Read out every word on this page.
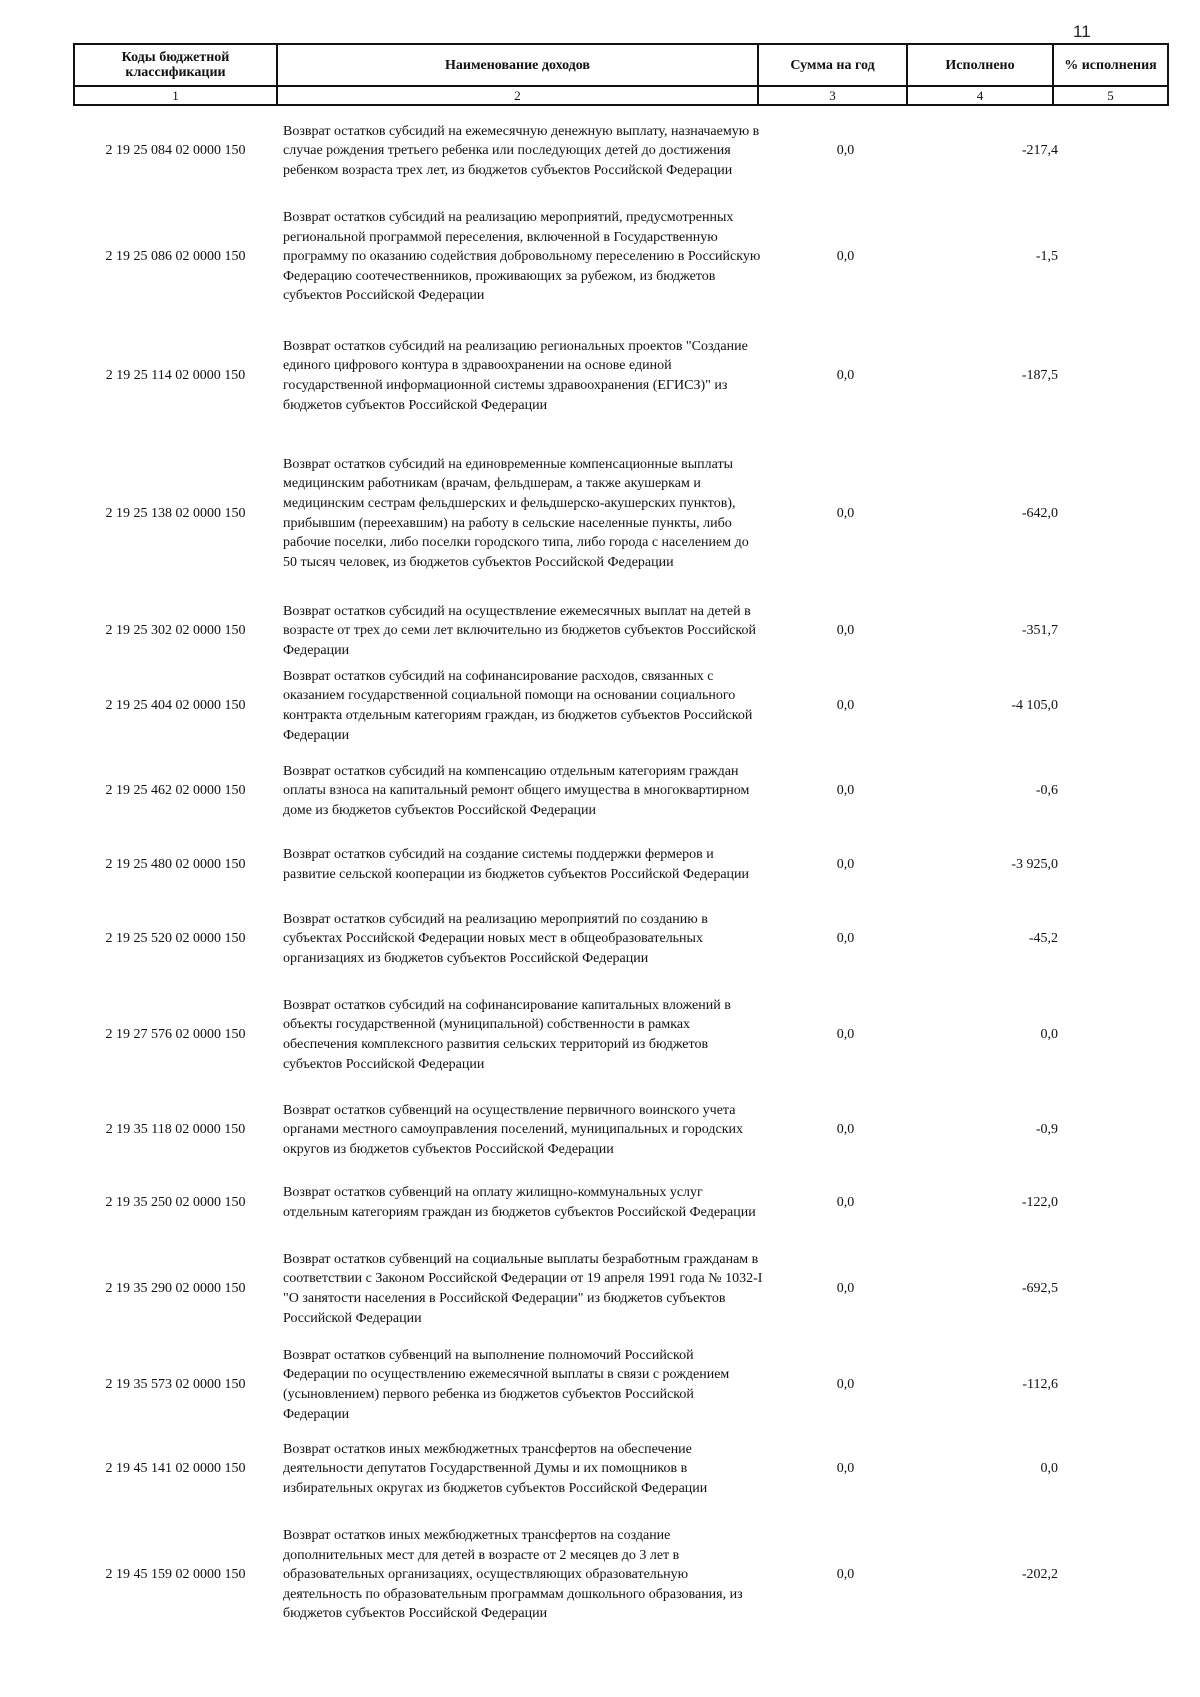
11
Коды бюджетной классификации	Наименование доходов	Сумма на год	Исполнено	% исполнения
1	2	3	4	5
2 19 25 084 02 0000 150
Возврат остатков субсидий на ежемесячную денежную выплату, назначаемую в случае рождения третьего ребенка или последующих детей до достижения ребенком возраста трех лет, из бюджетов субъектов Российской Федерации
0,0	-217,4
2 19 25 086 02 0000 150
Возврат остатков субсидий на реализацию мероприятий, предусмотренных региональной программой переселения, включенной в Государственную программу по оказанию содействия добровольному переселению в Российскую Федерацию соотечественников, проживающих за рубежом, из бюджетов субъектов Российской Федерации
0,0	-1,5
2 19 25 114 02 0000 150
Возврат остатков субсидий на реализацию региональных проектов "Создание единого цифрового контура в здравоохранении на основе единой государственной информационной системы здравоохранения (ЕГИСЗ)" из бюджетов субъектов Российской Федерации
0,0	-187,5
2 19 25 138 02 0000 150
Возврат остатков субсидий на единовременные компенсационные выплаты медицинским работникам (врачам, фельдшерам, а также акушеркам и медицинским сестрам фельдшерских и фельдшерско-акушерских пунктов), прибывшим (переехавшим) на работу в сельские населенные пункты, либо рабочие поселки, либо поселки городского типа, либо города с населением до 50 тысяч человек, из бюджетов субъектов Российской Федерации
0,0	-642,0
2 19 25 302 02 0000 150
Возврат остатков субсидий на осуществление ежемесячных выплат на детей в возрасте от трех до семи лет включительно из бюджетов субъектов Российской Федерации
0,0	-351,7
2 19 25 404 02 0000 150
Возврат остатков субсидий на софинансирование расходов, связанных с оказанием государственной социальной помощи на основании социального контракта отдельным категориям граждан, из бюджетов субъектов Российской Федерации
0,0	-4 105,0
2 19 25 462 02 0000 150
Возврат остатков субсидий на компенсацию отдельным категориям граждан оплаты взноса на капитальный ремонт общего имущества в многоквартирном доме из бюджетов субъектов Российской Федерации
0,0	-0,6
2 19 25 480 02 0000 150
Возврат остатков субсидий на создание системы поддержки фермеров и развитие сельской кооперации из бюджетов субъектов Российской Федерации
0,0	-3 925,0
2 19 25 520 02 0000 150
Возврат остатков субсидий на реализацию мероприятий по созданию в субъектах Российской Федерации новых мест в общеобразовательных организациях из бюджетов субъектов Российской Федерации
0,0	-45,2
2 19 27 576 02 0000 150
Возврат остатков субсидий на софинансирование капитальных вложений в объекты государственной (муниципальной) собственности в рамках обеспечения комплексного развития сельских территорий из бюджетов субъектов Российской Федерации
0,0	0,0
2 19 35 118 02 0000 150
Возврат остатков субвенций на осуществление первичного воинского учета органами местного самоуправления поселений, муниципальных и городских округов из бюджетов субъектов Российской Федерации
0,0	-0,9
2 19 35 250 02 0000 150
Возврат остатков субвенций на оплату жилищно-коммунальных услуг отдельным категориям граждан из бюджетов субъектов Российской Федерации
0,0	-122,0
2 19 35 290 02 0000 150
Возврат остатков субвенций на социальные выплаты безработным гражданам в соответствии с Законом Российской Федерации от 19 апреля 1991 года № 1032-I "О занятости населения в Российской Федерации" из бюджетов субъектов Российской Федерации
0,0	-692,5
2 19 35 573 02 0000 150
Возврат остатков субвенций на выполнение полномочий Российской Федерации по осуществлению ежемесячной выплаты в связи с рождением (усыновлением) первого ребенка из бюджетов субъектов Российской Федерации
0,0	-112,6
2 19 45 141 02 0000 150
Возврат остатков иных межбюджетных трансфертов на обеспечение деятельности депутатов Государственной Думы и их помощников в избирательных округах из бюджетов субъектов Российской Федерации
0,0	0,0
2 19 45 159 02 0000 150
Возврат остатков иных межбюджетных трансфертов на создание дополнительных мест для детей в возрасте от 2 месяцев до 3 лет в образовательных организациях, осуществляющих образовательную деятельность по образовательным программам дошкольного образования, из бюджетов субъектов Российской Федерации
0,0	-202,2
